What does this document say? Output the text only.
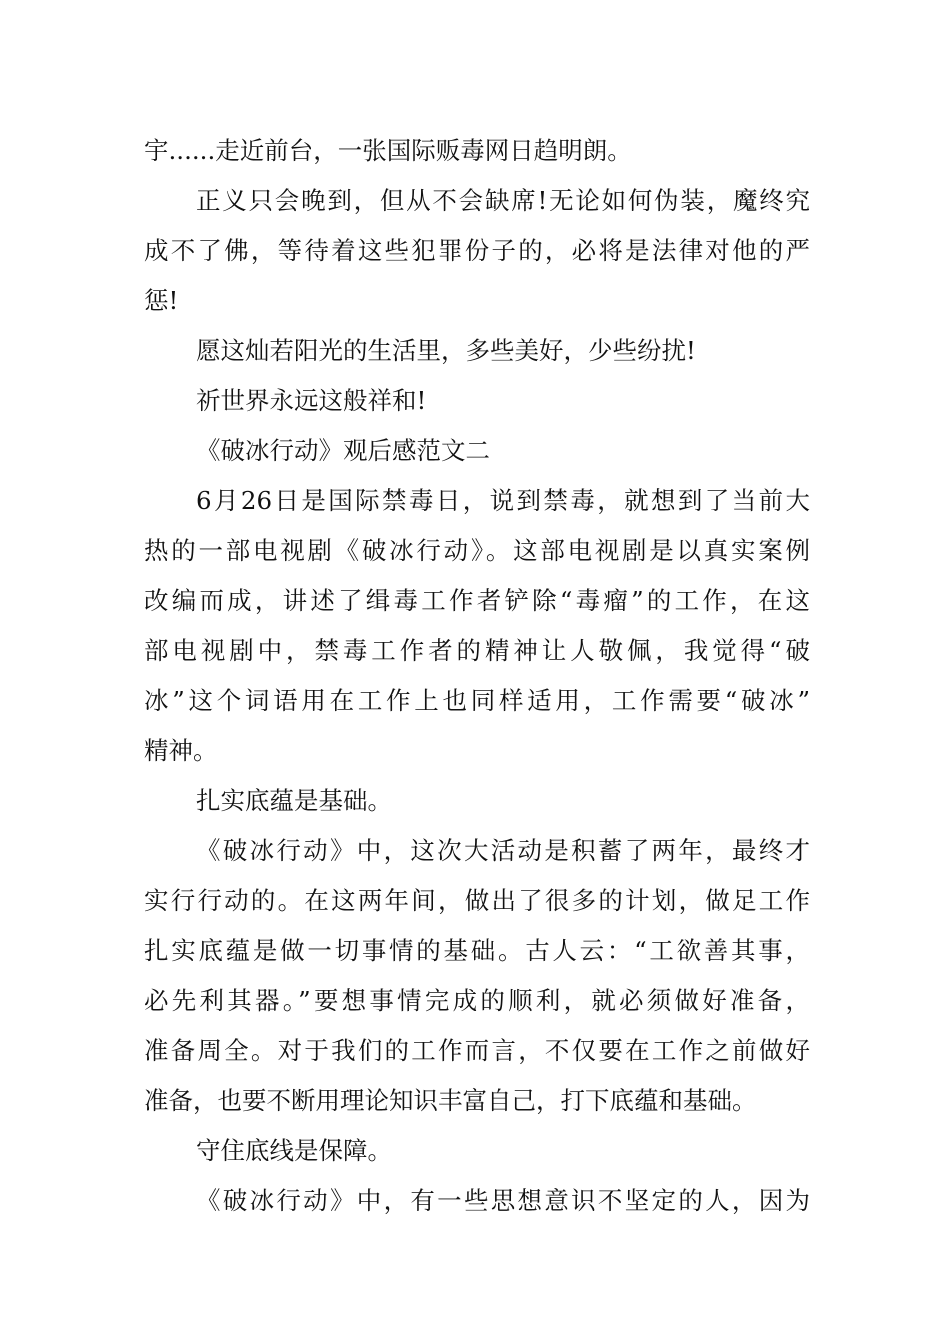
宇......走近前台，一张国际贩毒网日趋明朗。
正义只会晚到，但从不会缺席!无论如何伪装，魔终究
成不了佛，等待着这些犯罪份子的，必将是法律对他的严
惩!
愿这灿若阳光的生活里，多些美好，少些纷扰!
祈世界永远这般祥和!
《破冰行动》观后感范文二
6月26日是国际禁毒日，说到禁毒，就想到了当前大
热的一部电视剧《破冰行动》。这部电视剧是以真实案例
改编而成，讲述了缉毒工作者铲除“毒瘤”的工作，在这
部电视剧中，禁毒工作者的精神让人敬佩，我觉得“破
冰”这个词语用在工作上也同样适用，工作需要“破冰”
精神。
扎实底蕴是基础。
《破冰行动》中，这次大活动是积蓄了两年，最终才
实行行动的。在这两年间，做出了很多的计划，做足工作
扎实底蕴是做一切事情的基础。古人云：“工欲善其事，
必先利其器。”要想事情完成的顺利，就必须做好准备，
准备周全。对于我们的工作而言，不仅要在工作之前做好
准备，也要不断用理论知识丰富自己，打下底蕴和基础。
守住底线是保障。
《破冰行动》中，有一些思想意识不坚定的人，因为
